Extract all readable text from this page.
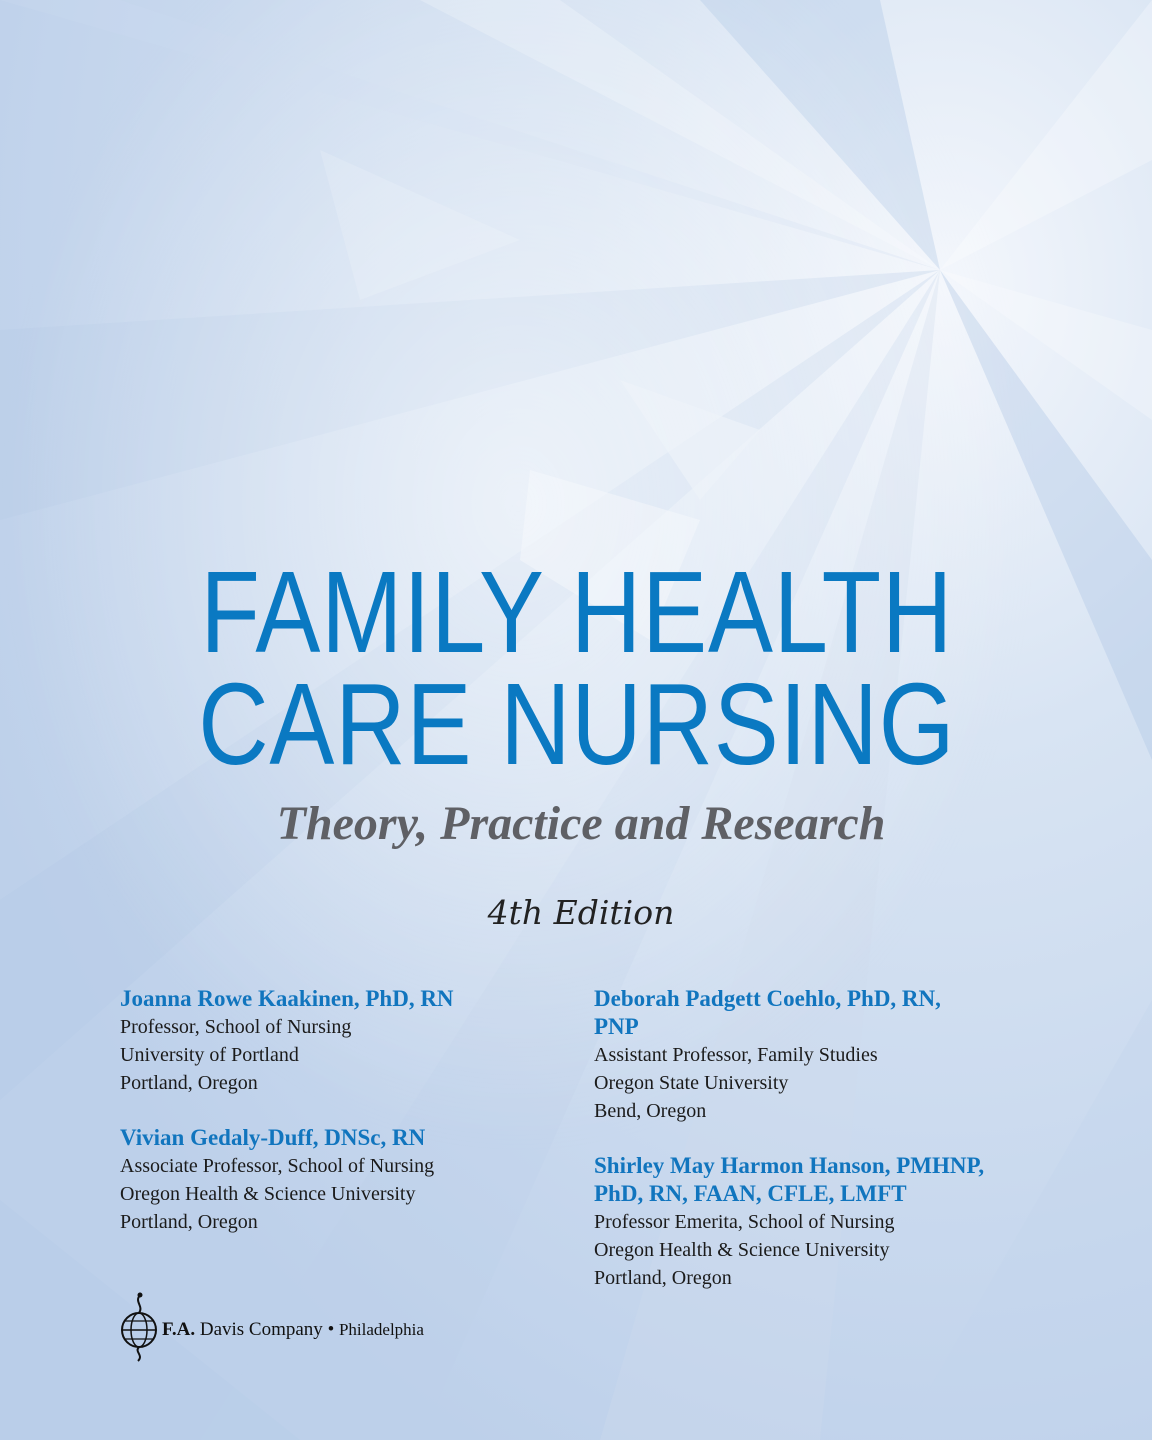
FAMILY HEALTH
CARE NURSING
Theory, Practice and Research
4th Edition
Joanna Rowe Kaakinen, PhD, RN
Professor, School of Nursing
University of Portland
Portland, Oregon
Vivian Gedaly-Duff, DNSc, RN
Associate Professor, School of Nursing
Oregon Health & Science University
Portland, Oregon
Deborah Padgett Coehlo, PhD, RN,
PNP
Assistant Professor, Family Studies
Oregon State University
Bend, Oregon
Shirley May Harmon Hanson, PMHNP,
PhD, RN, FAAN, CFLE, LMFT
Professor Emerita, School of Nursing
Oregon Health & Science University
Portland, Oregon
F.A. Davis Company • Philadelphia
